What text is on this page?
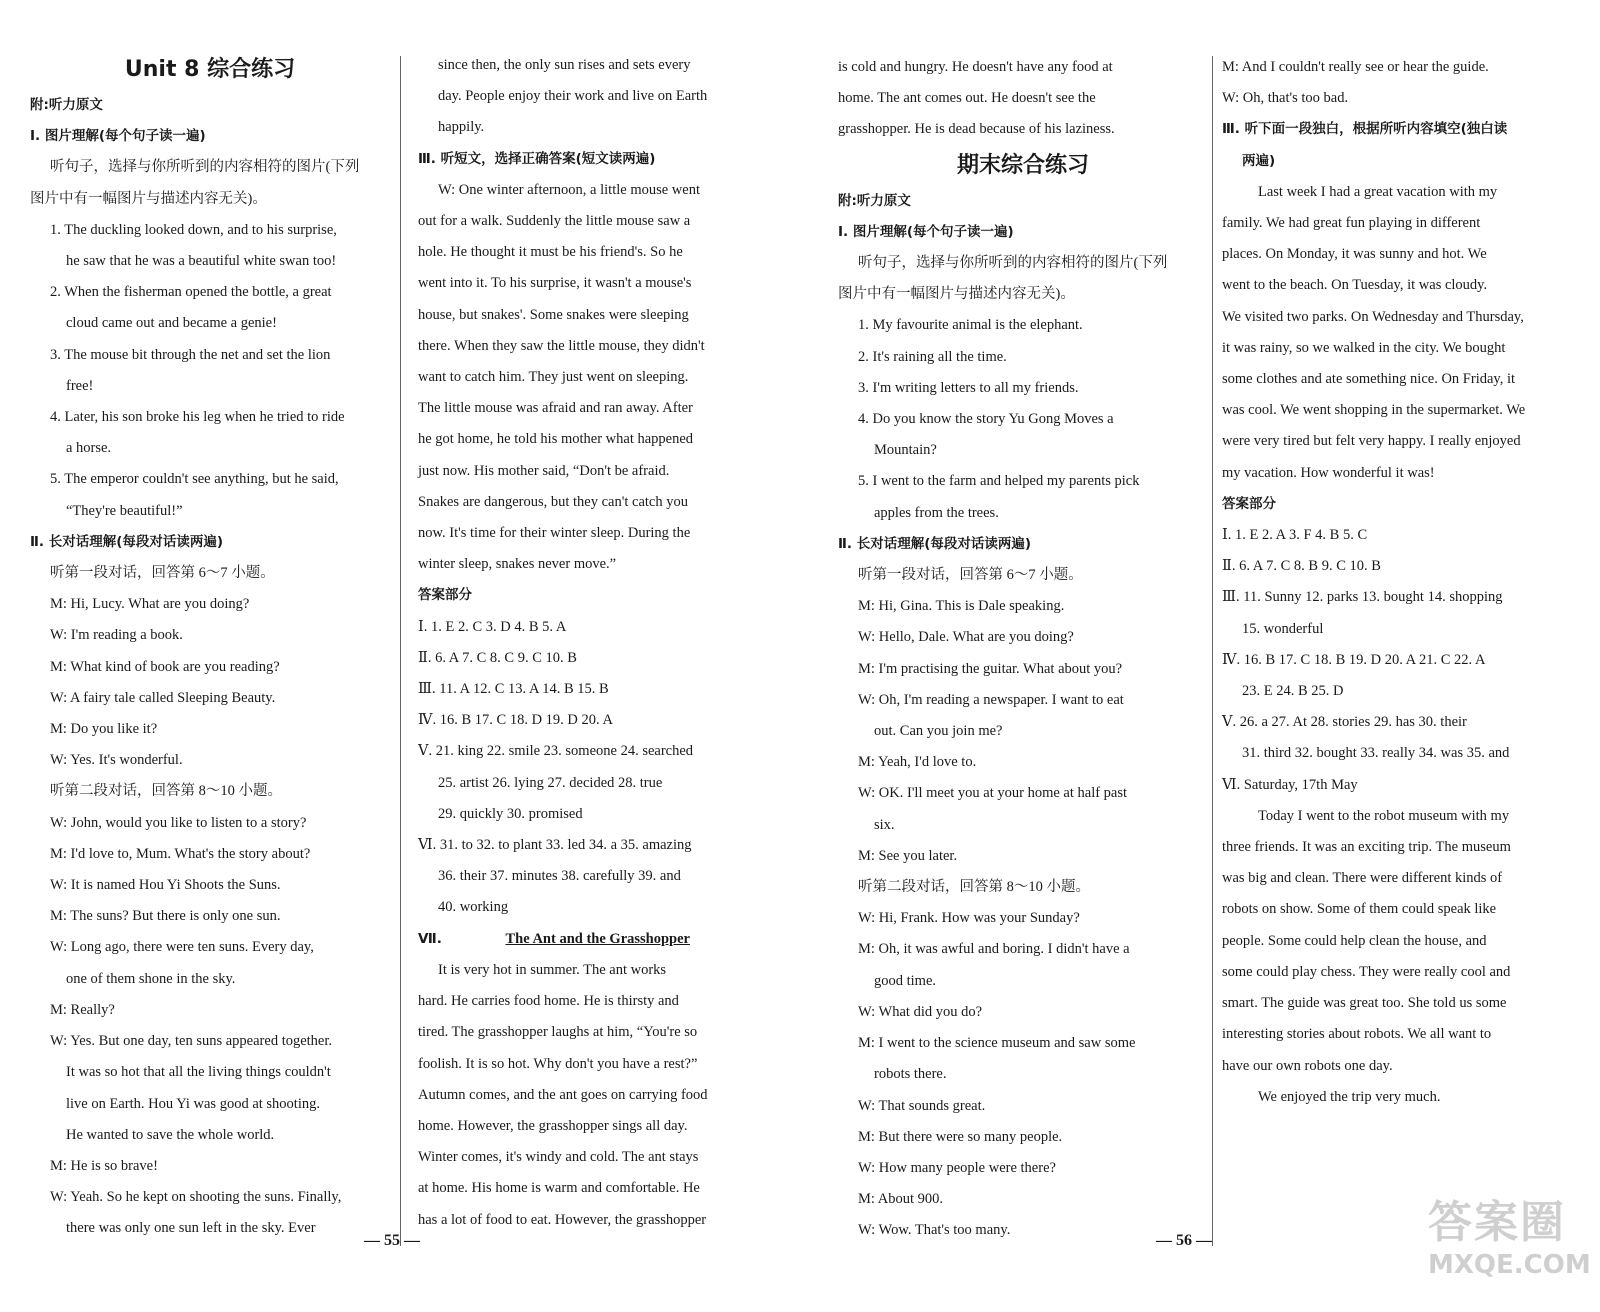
Unit 8 综合练习
附:听力原文
Ⅰ. 图片理解(每个句子读一遍)
听句子，选择与你所听到的内容相符的图片(下列
图片中有一幅图片与描述内容无关)。
1. The duckling looked down, and to his surprise,
he saw that he was a beautiful white swan too!
2. When the fisherman opened the bottle, a great
cloud came out and became a genie!
3. The mouse bit through the net and set the lion
free!
4. Later, his son broke his leg when he tried to ride
a horse.
5. The emperor couldn't see anything, but he said,
“They're beautiful!”
Ⅱ. 长对话理解(每段对话读两遍)
听第一段对话，回答第 6～7 小题。
M: Hi, Lucy. What are you doing?
W: I'm reading a book.
M: What kind of book are you reading?
W: A fairy tale called Sleeping Beauty.
M: Do you like it?
W: Yes. It's wonderful.
听第二段对话，回答第 8～10 小题。
W: John, would you like to listen to a story?
M: I'd love to, Mum. What's the story about?
W: It is named Hou Yi Shoots the Suns.
M: The suns? But there is only one sun.
W: Long ago, there were ten suns. Every day,
one of them shone in the sky.
M: Really?
W: Yes. But one day, ten suns appeared together.
It was so hot that all the living things couldn't
live on Earth. Hou Yi was good at shooting.
He wanted to save the whole world.
M: He is so brave!
W: Yeah. So he kept on shooting the suns. Finally,
there was only one sun left in the sky. Ever
since then, the only sun rises and sets every
day. People enjoy their work and live on Earth
happily.
Ⅲ. 听短文，选择正确答案(短文读两遍)
W: One winter afternoon, a little mouse went
out for a walk. Suddenly the little mouse saw a
hole. He thought it must be his friend's. So he
went into it. To his surprise, it wasn't a mouse's
house, but snakes'. Some snakes were sleeping
there. When they saw the little mouse, they didn't
want to catch him. They just went on sleeping.
The little mouse was afraid and ran away. After
he got home, he told his mother what happened
just now. His mother said, “Don't be afraid.
Snakes are dangerous, but they can't catch you
now. It's time for their winter sleep. During the
winter sleep, snakes never move.”
答案部分
Ⅰ. 1. E 2. C 3. D 4. B 5. A
Ⅱ. 6. A 7. C 8. C 9. C 10. B
Ⅲ. 11. A 12. C 13. A 14. B 15. B
Ⅳ. 16. B 17. C 18. D 19. D 20. A
Ⅴ. 21. king 22. smile 23. someone 24. searched
25. artist 26. lying 27. decided 28. true
29. quickly 30. promised
Ⅵ. 31. to 32. to plant 33. led 34. a 35. amazing
36. their 37. minutes 38. carefully 39. and
40. working
Ⅶ.	The Ant and the Grasshopper
It is very hot in summer. The ant works
hard. He carries food home. He is thirsty and
tired. The grasshopper laughs at him, “You're so
foolish. It is so hot. Why don't you have a rest?”
Autumn comes, and the ant goes on carrying food
home. However, the grasshopper sings all day.
Winter comes, it's windy and cold. The ant stays
at home. His home is warm and comfortable. He
has a lot of food to eat. However, the grasshopper
is cold and hungry. He doesn't have any food at
home. The ant comes out. He doesn't see the
grasshopper. He is dead because of his laziness.
期末综合练习
附:听力原文
Ⅰ. 图片理解(每个句子读一遍)
听句子，选择与你所听到的内容相符的图片(下列
图片中有一幅图片与描述内容无关)。
1. My favourite animal is the elephant.
2. It's raining all the time.
3. I'm writing letters to all my friends.
4. Do you know the story Yu Gong Moves a
Mountain?
5. I went to the farm and helped my parents pick
apples from the trees.
Ⅱ. 长对话理解(每段对话读两遍)
听第一段对话，回答第 6～7 小题。
M: Hi, Gina. This is Dale speaking.
W: Hello, Dale. What are you doing?
M: I'm practising the guitar. What about you?
W: Oh, I'm reading a newspaper. I want to eat
out. Can you join me?
M: Yeah, I'd love to.
W: OK. I'll meet you at your home at half past
six.
M: See you later.
听第二段对话，回答第 8～10 小题。
W: Hi, Frank. How was your Sunday?
M: Oh, it was awful and boring. I didn't have a
good time.
W: What did you do?
M: I went to the science museum and saw some
robots there.
W: That sounds great.
M: But there were so many people.
W: How many people were there?
M: About 900.
W: Wow. That's too many.
M: And I couldn't really see or hear the guide.
W: Oh, that's too bad.
Ⅲ. 听下面一段独白，根据所听内容填空(独白读
两遍)
Last week I had a great vacation with my
family. We had great fun playing in different
places. On Monday, it was sunny and hot. We
went to the beach. On Tuesday, it was cloudy.
We visited two parks. On Wednesday and Thursday,
it was rainy, so we walked in the city. We bought
some clothes and ate something nice. On Friday, it
was cool. We went shopping in the supermarket. We
were very tired but felt very happy. I really enjoyed
my vacation. How wonderful it was!
答案部分
Ⅰ. 1. E 2. A 3. F 4. B 5. C
Ⅱ. 6. A 7. C 8. B 9. C 10. B
Ⅲ. 11. Sunny 12. parks 13. bought 14. shopping
15. wonderful
Ⅳ. 16. B 17. C 18. B 19. D 20. A 21. C 22. A
23. E 24. B 25. D
Ⅴ. 26. a 27. At 28. stories 29. has 30. their
31. third 32. bought 33. really 34. was 35. and
Ⅵ. Saturday, 17th May
Today I went to the robot museum with my
three friends. It was an exciting trip. The museum
was big and clean. There were different kinds of
robots on show. Some of them could speak like
people. Some could help clean the house, and
some could play chess. They were really cool and
smart. The guide was great too. She told us some
interesting stories about robots. We all want to
have our own robots one day.
We enjoyed the trip very much.
— 55 —	— 56 —	答案圈
MXQE.COM
